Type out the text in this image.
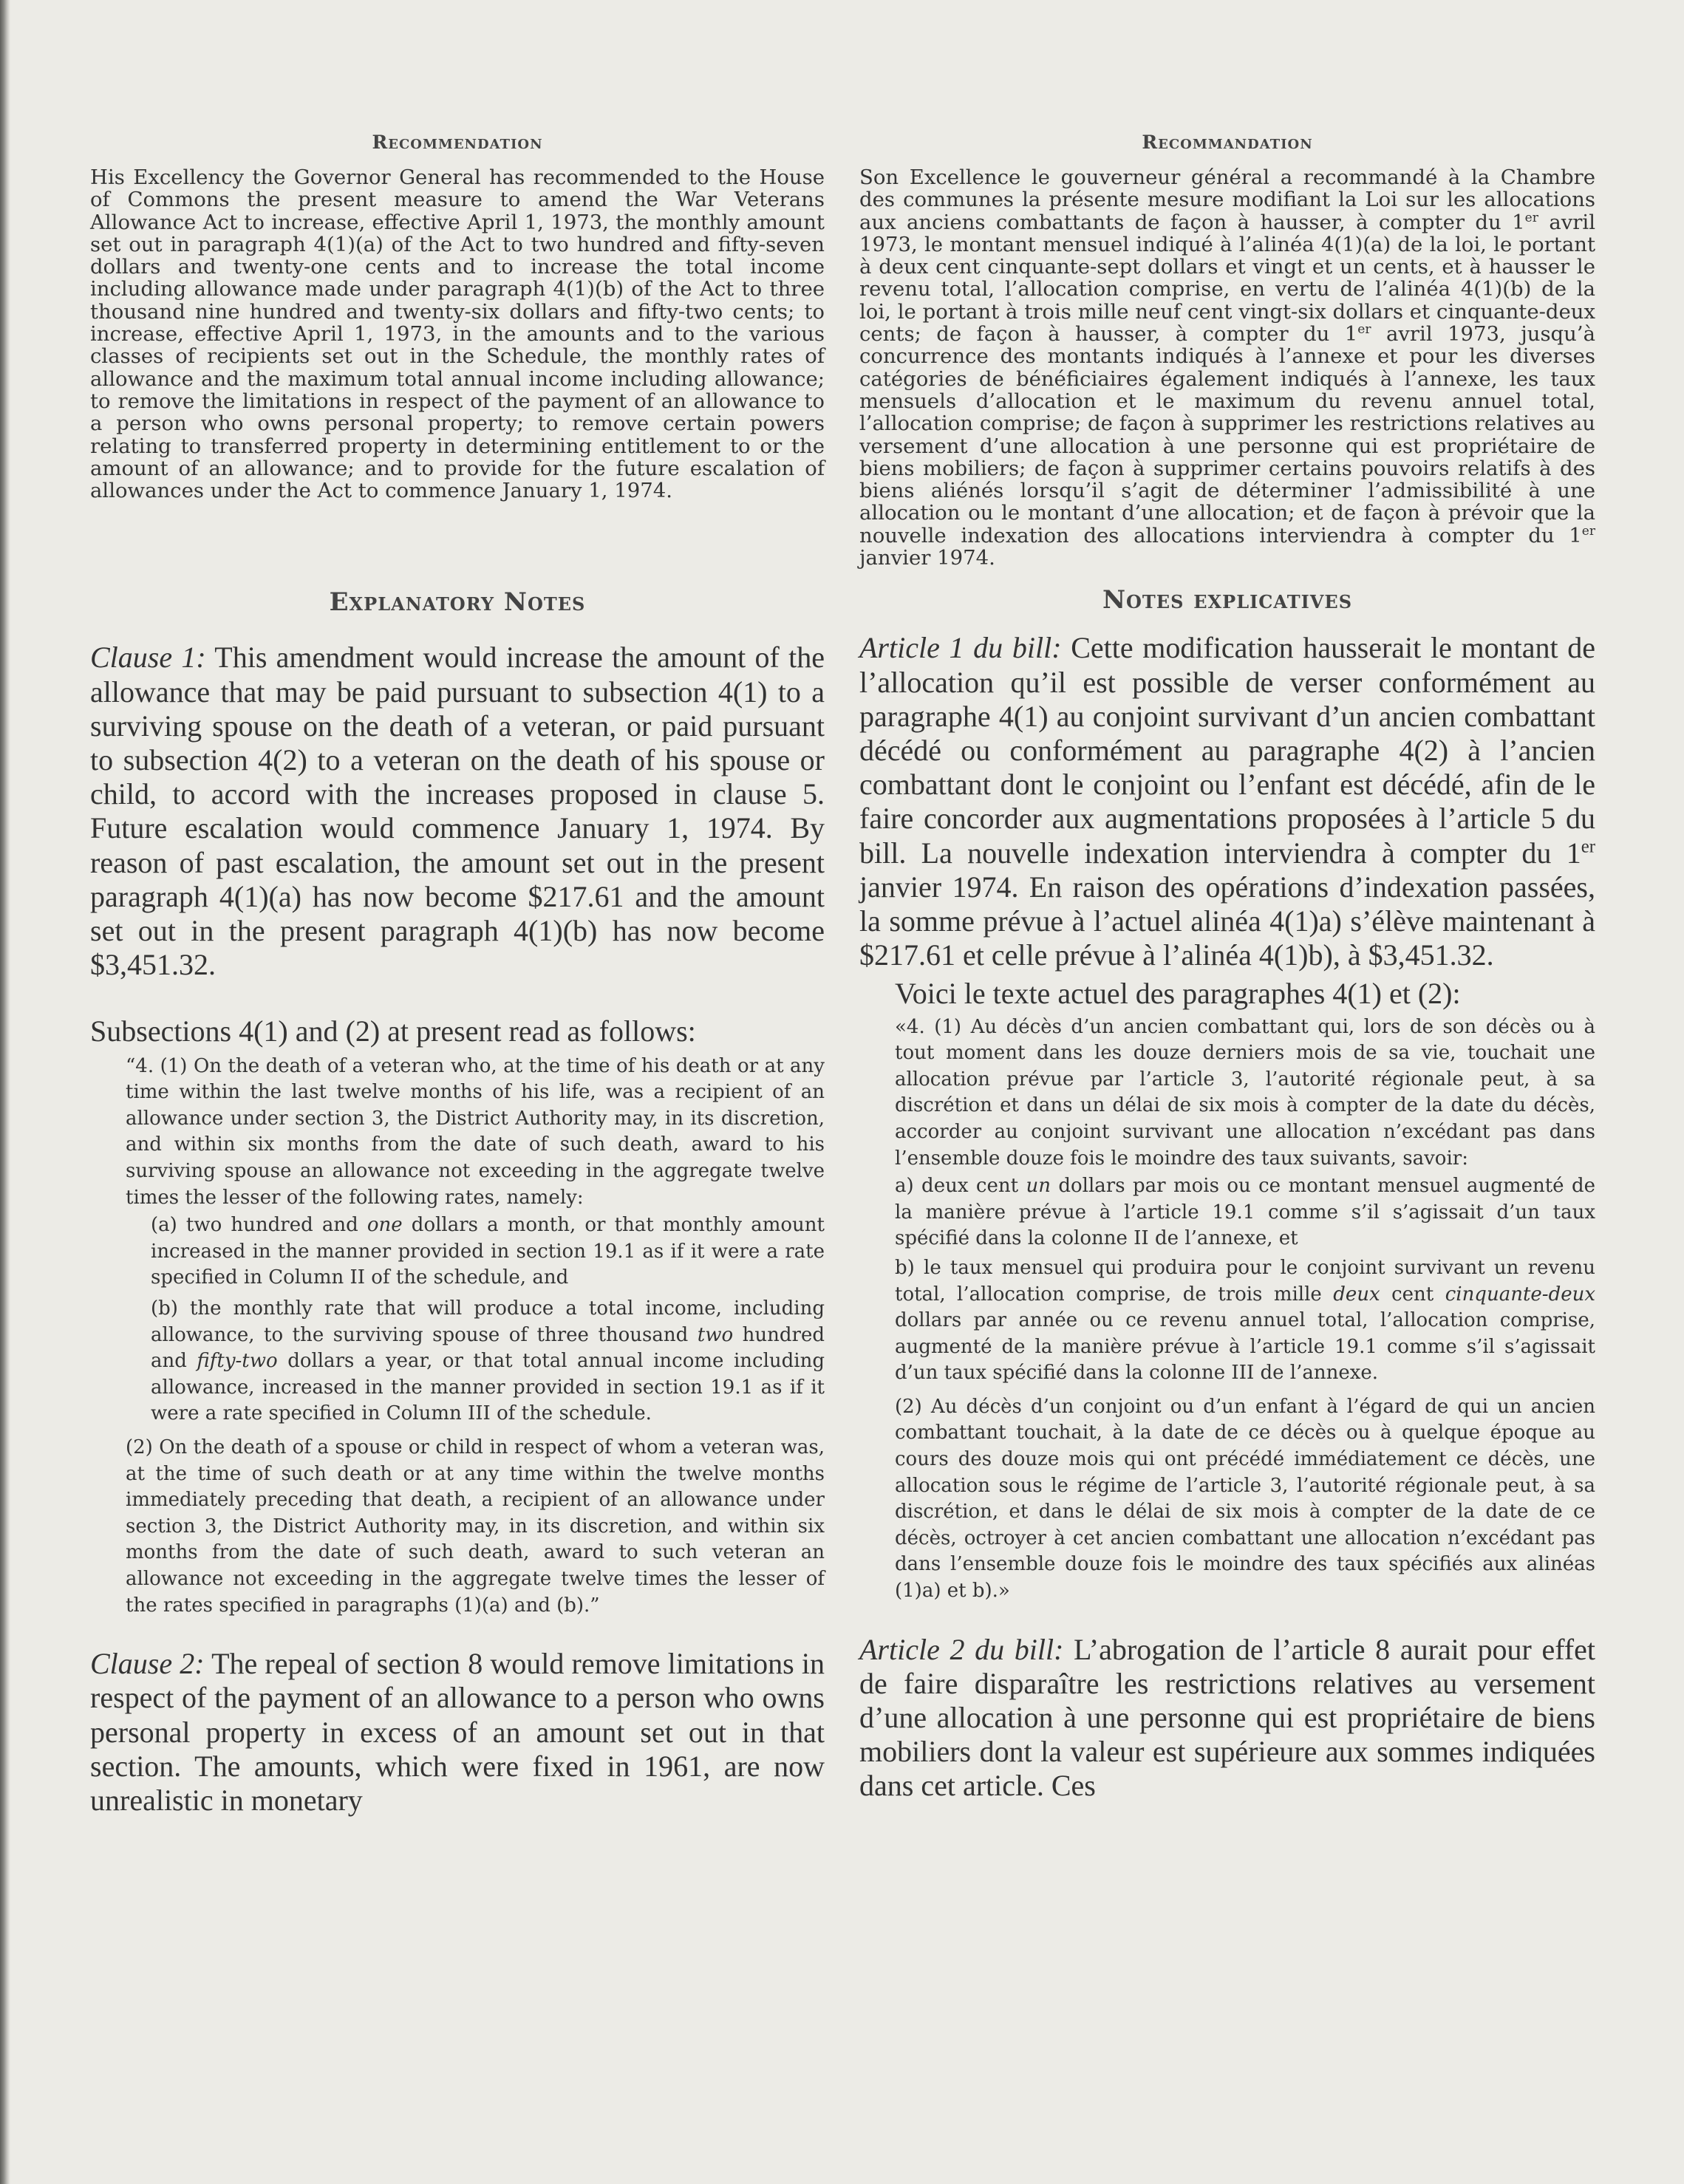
Recommendation

His Excellency the Governor General has recommended to the House of Commons the present measure to amend the War Veterans Allowance Act to increase, effective April 1, 1973, the monthly amount set out in paragraph 4(1)(a) of the Act to two hundred and fifty-seven dollars and twenty-one cents and to increase the total income including allowance made under paragraph 4(1)(b) of the Act to three thousand nine hundred and twenty-six dollars and fifty-two cents; to increase, effective April 1, 1973, in the amounts and to the various classes of recipients set out in the Schedule, the monthly rates of allowance and the maximum total annual income including allowance; to remove the limitations in respect of the payment of an allowance to a person who owns personal property; to remove certain powers relating to transferred property in determining entitlement to or the amount of an allowance; and to provide for the future escalation of allowances under the Act to commence January 1, 1974.

Explanatory Notes

Clause 1: This amendment would increase the amount of the allowance that may be paid pursuant to subsection 4(1) to a surviving spouse on the death of a veteran, or paid pursuant to subsection 4(2) to a veteran on the death of his spouse or child, to accord with the increases proposed in clause 5. Future escalation would commence January 1, 1974. By reason of past escalation, the amount set out in the present paragraph 4(1)(a) has now become $217.61 and the amount set out in the present paragraph 4(1)(b) has now become $3,451.32.

Subsections 4(1) and (2) at present read as follows:

“4. (1) On the death of a veteran who, at the time of his death or at any time within the last twelve months of his life, was a recipient of an allowance under section 3, the District Authority may, in its discretion, and within six months from the date of such death, award to his surviving spouse an allowance not exceeding in the aggregate twelve times the lesser of the following rates, namely:

(a) two hundred and one dollars a month, or that monthly amount increased in the manner provided in section 19.1 as if it were a rate specified in Column II of the schedule, and

(b) the monthly rate that will produce a total income, including allowance, to the surviving spouse of three thousand two hundred and fifty-two dollars a year, or that total annual income including allowance, increased in the manner provided in section 19.1 as if it were a rate specified in Column III of the schedule.

(2) On the death of a spouse or child in respect of whom a veteran was, at the time of such death or at any time within the twelve months immediately preceding that death, a recipient of an allowance under section 3, the District Authority may, in its discretion, and within six months from the date of such death, award to such veteran an allowance not exceeding in the aggregate twelve times the lesser of the rates specified in paragraphs (1)(a) and (b).”

Clause 2: The repeal of section 8 would remove limitations in respect of the payment of an allowance to a person who owns personal property in excess of an amount set out in that section. The amounts, which were fixed in 1961, are now unrealistic in monetary

Recommandation

Son Excellence le gouverneur général a recommandé à la Chambre des communes la présente mesure modifiant la Loi sur les allocations aux anciens combattants de façon à hausser, à compter du 1er avril 1973, le montant mensuel indiqué à l’alinéa 4(1)(a) de la loi, le portant à deux cent cinquante-sept dollars et vingt et un cents, et à hausser le revenu total, l’allocation comprise, en vertu de l’alinéa 4(1)(b) de la loi, le portant à trois mille neuf cent vingt-six dollars et cinquante-deux cents; de façon à hausser, à compter du 1er avril 1973, jusqu’à concurrence des montants indiqués à l’annexe et pour les diverses catégories de bénéficiaires également indiqués à l’annexe, les taux mensuels d’allocation et le maximum du revenu annuel total, l’allocation comprise; de façon à supprimer les restrictions relatives au versement d’une allocation à une personne qui est propriétaire de biens mobiliers; de façon à supprimer certains pouvoirs relatifs à des biens aliénés lorsqu’il s’agit de déterminer l’admissibilité à une allocation ou le montant d’une allocation; et de façon à prévoir que la nouvelle indexation des allocations interviendra à compter du 1er janvier 1974.

Notes explicatives

Article 1 du bill: Cette modification hausserait le montant de l’allocation qu’il est possible de verser conformément au paragraphe 4(1) au conjoint survivant d’un ancien combattant décédé ou conformément au paragraphe 4(2) à l’ancien combattant dont le conjoint ou l’enfant est décédé, afin de le faire concorder aux augmentations proposées à l’article 5 du bill. La nouvelle indexation interviendra à compter du 1er janvier 1974. En raison des opérations d’indexation passées, la somme prévue à l’actuel alinéa 4(1)a) s’élève maintenant à $217.61 et celle prévue à l’alinéa 4(1)b), à $3,451.32.

Voici le texte actuel des paragraphes 4(1) et (2):

«4. (1) Au décès d’un ancien combattant qui, lors de son décès ou à tout moment dans les douze derniers mois de sa vie, touchait une allocation prévue par l’article 3, l’autorité régionale peut, à sa discrétion et dans un délai de six mois à compter de la date du décès, accorder au conjoint survivant une allocation n’excédant pas dans l’ensemble douze fois le moindre des taux suivants, savoir:

a) deux cent un dollars par mois ou ce montant mensuel augmenté de la manière prévue à l’article 19.1 comme s’il s’agissait d’un taux spécifié dans la colonne II de l’annexe, et

b) le taux mensuel qui produira pour le conjoint survivant un revenu total, l’allocation comprise, de trois mille deux cent cinquante-deux dollars par année ou ce revenu annuel total, l’allocation comprise, augmenté de la manière prévue à l’article 19.1 comme s’il s’agissait d’un taux spécifié dans la colonne III de l’annexe.

(2) Au décès d’un conjoint ou d’un enfant à l’égard de qui un ancien combattant touchait, à la date de ce décès ou à quelque époque au cours des douze mois qui ont précédé immédiatement ce décès, une allocation sous le régime de l’article 3, l’autorité régionale peut, à sa discrétion, et dans le délai de six mois à compter de la date de ce décès, octroyer à cet ancien combattant une allocation n’excédant pas dans l’ensemble douze fois le moindre des taux spécifiés aux alinéas (1)a) et b).»

Article 2 du bill: L’abrogation de l’article 8 aurait pour effet de faire disparaître les restrictions relatives au versement d’une allocation à une personne qui est propriétaire de biens mobiliers dont la valeur est supérieure aux sommes indiquées dans cet article. Ces
